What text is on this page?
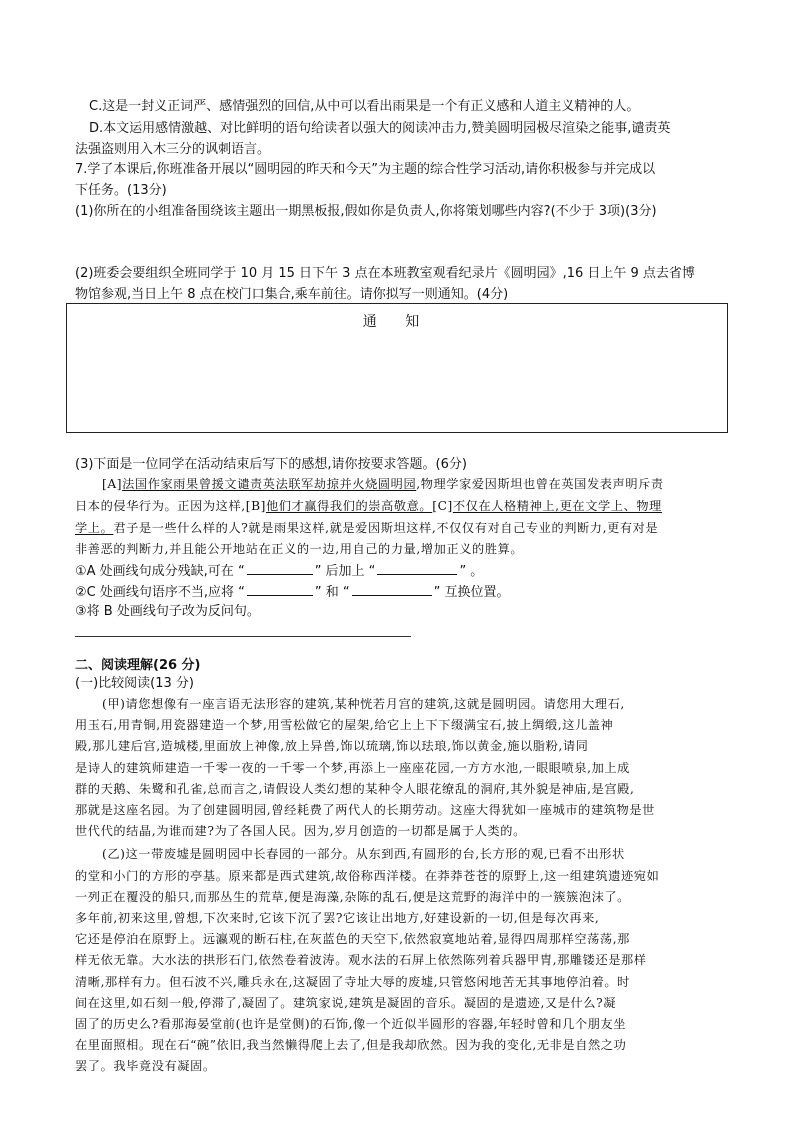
C.这是一封义正词严、感情强烈的回信,从中可以看出雨果是一个有正义感和人道主义精神的人。
D.本文运用感情激越、对比鲜明的语句给读者以强大的阅读冲击力,赞美圆明园极尽渲染之能事,谴责英
法强盗则用入木三分的讽刺语言。
7.学了本课后,你班准备开展以“圆明园的昨天和今天”为主题的综合性学习活动,请你积极参与并完成以
下任务。(13分)
(1)你所在的小组准备围绕该主题出一期黑板报,假如你是负责人,你将策划哪些内容?(不少于 3项)(3分)
(2)班委会要组织全班同学于 10 月 15 日下午 3 点在本班教室观看纪录片《圆明园》,16 日上午 9 点去省博
物馆参观,当日上午 8 点在校门口集合,乘车前往。请你拟写一则通知。(4分)
通 知
(3)下面是一位同学在活动结束后写下的感想,请你按要求答题。(6分)
[A]法国作家雨果曾援文谴责英法联军劫掠并火烧圆明园,物理学家爱因斯坦也曾在英国发表声明斥责
日本的侵华行为。正因为这样,[B]他们才赢得我们的崇高敬意。[C]不仅在人格精神上,更在文学上、物理
学上。君子是一些什么样的人?就是雨果这样,就是爱因斯坦这样,不仅仅有对自己专业的判断力,更有对是
非善恶的判断力,并且能公开地站在正义的一边,用自己的力量,增加正义的胜算。
①A 处画线句成分残缺,可在 “	” 后加上 “	” 。
②C 处画线句语序不当,应将 “	” 和 “	” 互换位置。
③将 B 处画线句子改为反问句。
二、阅读理解(26 分)
(一)比较阅读(13 分)
(甲)请您想像有一座言语无法形容的建筑,某种恍若月宫的建筑,这就是圆明园。请您用大理石,
用玉石,用青铜,用瓷器建造一个梦,用雪松做它的屋架,给它上上下下缀满宝石,披上绸缎,这儿盖神
殿,那儿建后宫,造城楼,里面放上神像,放上异兽,饰以琉璃,饰以珐琅,饰以黄金,施以脂粉,请同
是诗人的建筑师建造一千零一夜的一千零一个梦,再添上一座座花园,一方方水池,一眼眼喷泉,加上成
群的天鹅、朱鹭和孔雀,总而言之,请假设人类幻想的某种令人眼花缭乱的洞府,其外貌是神庙,是宫殿,
那就是这座名园。为了创建圆明园,曾经耗费了两代人的长期劳动。这座大得犹如一座城市的建筑物是世
世代代的结晶,为谁而建?为了各国人民。因为,岁月创造的一切都是属于人类的。
(乙)这一带废墟是圆明园中长春园的一部分。从东到西,有圆形的台,长方形的观,已看不出形状
的堂和小门的方形的亭基。原来都是西式建筑,故俗称西洋楼。在莽莽苍苍的原野上,这一组建筑遗迹宛如
一列正在覆没的船只,而那丛生的荒草,便是海藻,杂陈的乱石,便是这荒野的海洋中的一簇簇泡沫了。
多年前,初来这里,曾想,下次来时,它该下沉了罢?它该让出地方,好建设新的一切,但是每次再来,
它还是停泊在原野上。远瀛观的断石柱,在灰蓝色的天空下,依然寂寞地站着,显得四周那样空荡荡,那
样无依无靠。大水法的拱形石门,依然卷着波涛。观水法的石屏上依然陈列着兵器甲胄,那雕镂还是那样
清晰,那样有力。但石波不兴,雕兵永在,这凝固了寺址大辱的废墟,只管悠闲地苦无其事地停泊着。时
间在这里,如石刻一般,停滞了,凝固了。建筑家说,建筑是凝固的音乐。凝固的是遗迹,又是什么?凝
固了的历史么?看那海晏堂前(也许是堂侧)的石饰,像一个近似半圆形的容器,年轻时曾和几个朋友坐
在里面照相。现在石“碗”依旧,我当然懒得爬上去了,但是我却欣然。因为我的变化,无非是自然之功
罢了。我毕竟没有凝固。
